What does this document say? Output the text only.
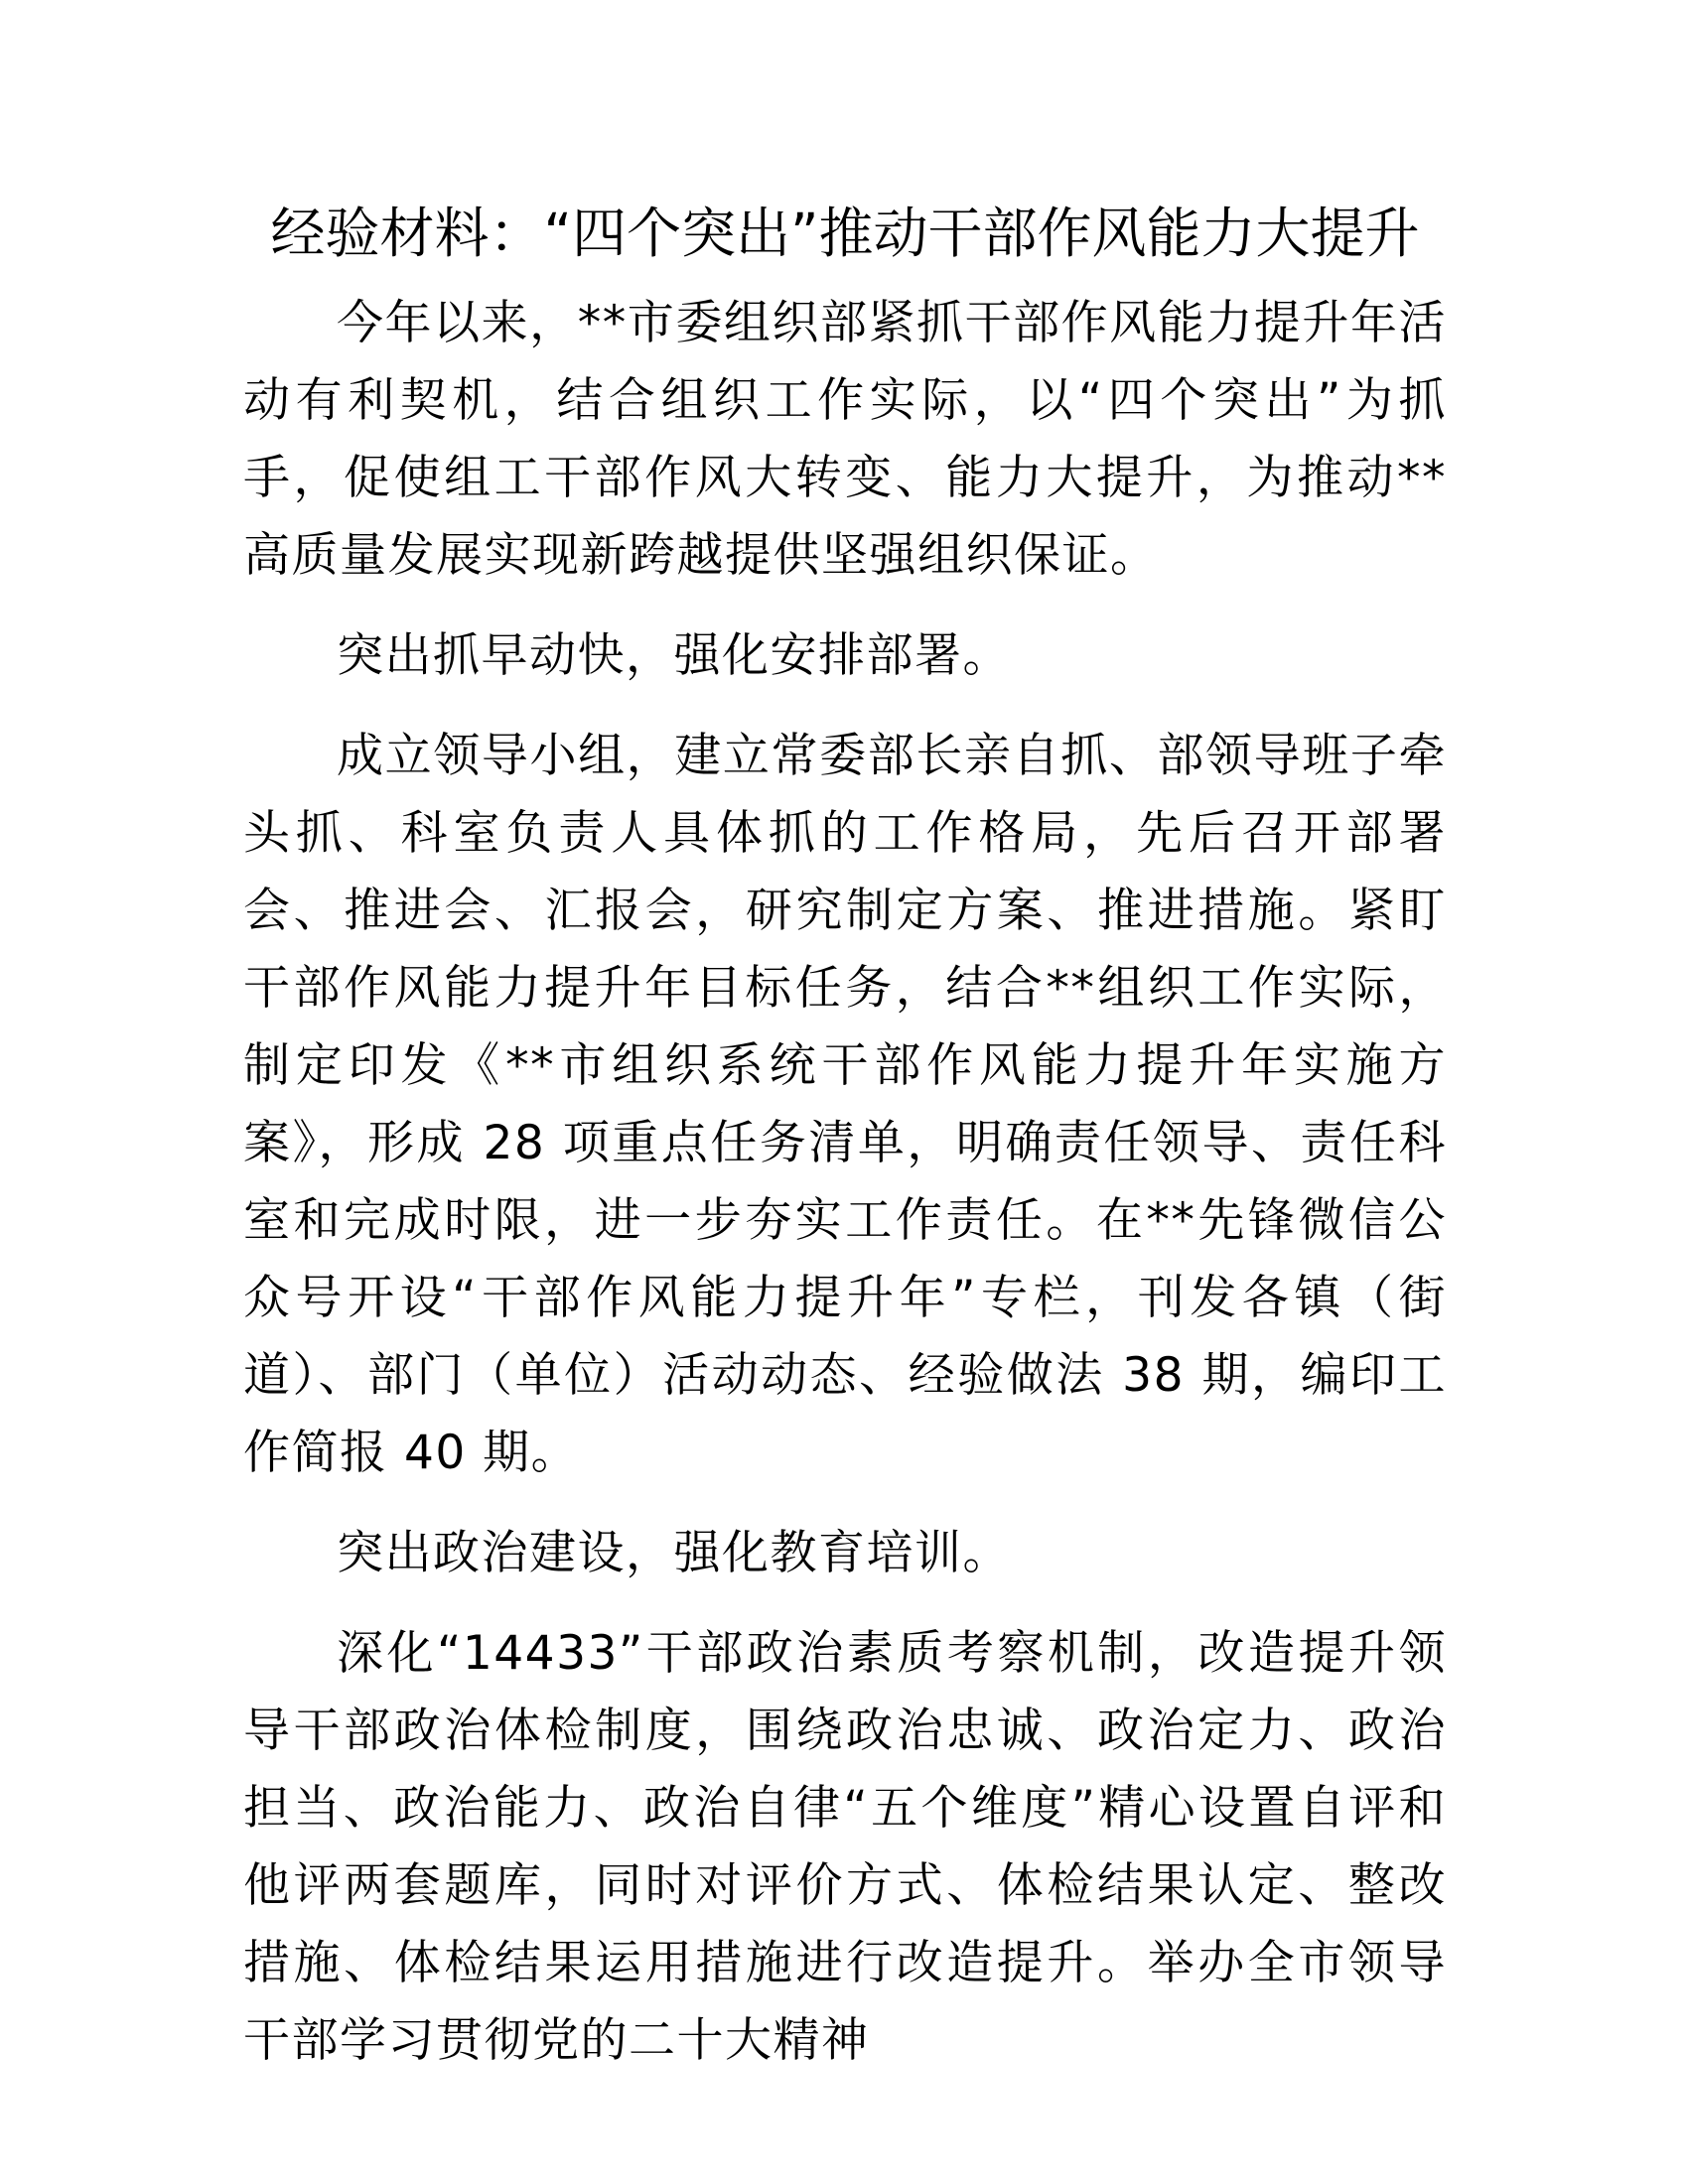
经验材料：“四个突出”推动干部作风能力大提升

今年以来，**市委组织部紧抓干部作风能力提升年活动有利契机，结合组织工作实际，以“四个突出”为抓手，促使组工干部作风大转变、能力大提升，为推动**高质量发展实现新跨越提供坚强组织保证。

突出抓早动快，强化安排部署。

成立领导小组，建立常委部长亲自抓、部领导班子牵头抓、科室负责人具体抓的工作格局，先后召开部署会、推进会、汇报会，研究制定方案、推进措施。紧盯干部作风能力提升年目标任务，结合**组织工作实际，制定印发《**市组织系统干部作风能力提升年实施方案》，形成 28 项重点任务清单，明确责任领导、责任科室和完成时限，进一步夯实工作责任。在**先锋微信公众号开设“干部作风能力提升年”专栏，刊发各镇（街道）、部门（单位）活动动态、经验做法 38 期，编印工作简报 40 期。

突出政治建设，强化教育培训。

深化“14433”干部政治素质考察机制，改造提升领导干部政治体检制度，围绕政治忠诚、政治定力、政治担当、政治能力、政治自律“五个维度”精心设置自评和他评两套题库，同时对评价方式、体检结果认定、整改措施、体检结果运用措施进行改造提升。举办全市领导干部学习贯彻党的二十大精神
